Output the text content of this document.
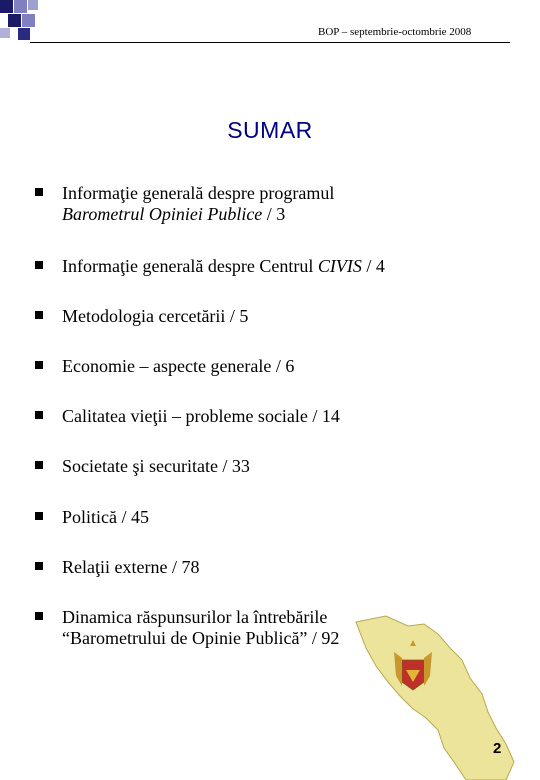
BOP – septembrie-octombrie 2008
SUMAR
Informaţie generală despre programul
Barometrul Opiniei Publice / 3
Informaţie generală despre Centrul CIVIS / 4
Metodologia cercetării / 5
Economie – aspecte generale / 6
Calitatea vieţii – probleme sociale / 14
Societate şi securitate / 33
Politică / 45
Relaţii externe / 78
Dinamica răspunsurilor la întrebările
“Barometrului de Opinie Publică” / 92
2
